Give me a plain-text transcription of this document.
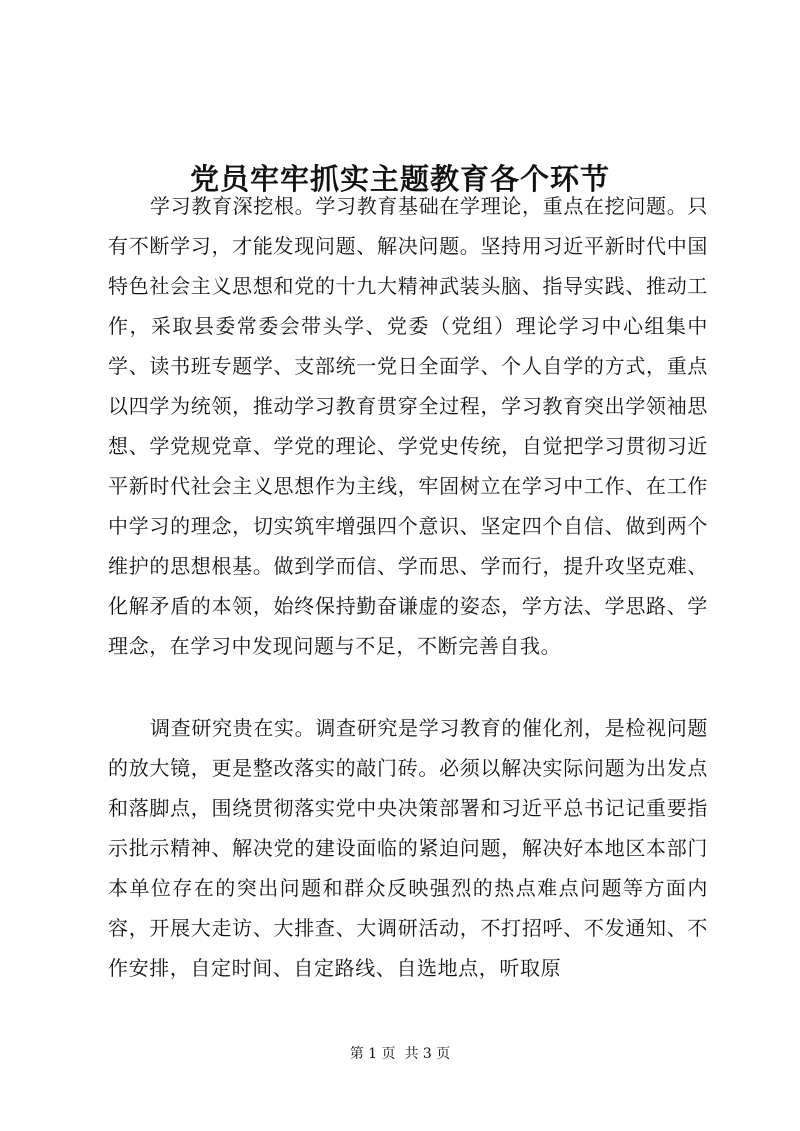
党员牢牢抓实主题教育各个环节

学习教育深挖根。学习教育基础在学理论，重点在挖问题。只有不断学习，才能发现问题、解决问题。坚持用习近平新时代中国特色社会主义思想和党的十九大精神武装头脑、指导实践、推动工作，采取县委常委会带头学、党委（党组）理论学习中心组集中学、读书班专题学、支部统一党日全面学、个人自学的方式，重点以四学为统领，推动学习教育贯穿全过程，学习教育突出学领袖思想、学党规党章、学党的理论、学党史传统，自觉把学习贯彻习近平新时代社会主义思想作为主线，牢固树立在学习中工作、在工作中学习的理念，切实筑牢增强四个意识、坚定四个自信、做到两个维护的思想根基。做到学而信、学而思、学而行，提升攻坚克难、化解矛盾的本领，始终保持勤奋谦虚的姿态，学方法、学思路、学理念，在学习中发现问题与不足，不断完善自我。

调查研究贵在实。调查研究是学习教育的催化剂，是检视问题的放大镜，更是整改落实的敲门砖。必须以解决实际问题为出发点和落脚点，围绕贯彻落实党中央决策部署和习近平总书记记重要指示批示精神、解决党的建设面临的紧迫问题，解决好本地区本部门本单位存在的突出问题和群众反映强烈的热点难点问题等方面内容，开展大走访、大排查、大调研活动，不打招呼、不发通知、不作安排，自定时间、自定路线、自选地点，听取原

第 1 页  共 3 页
